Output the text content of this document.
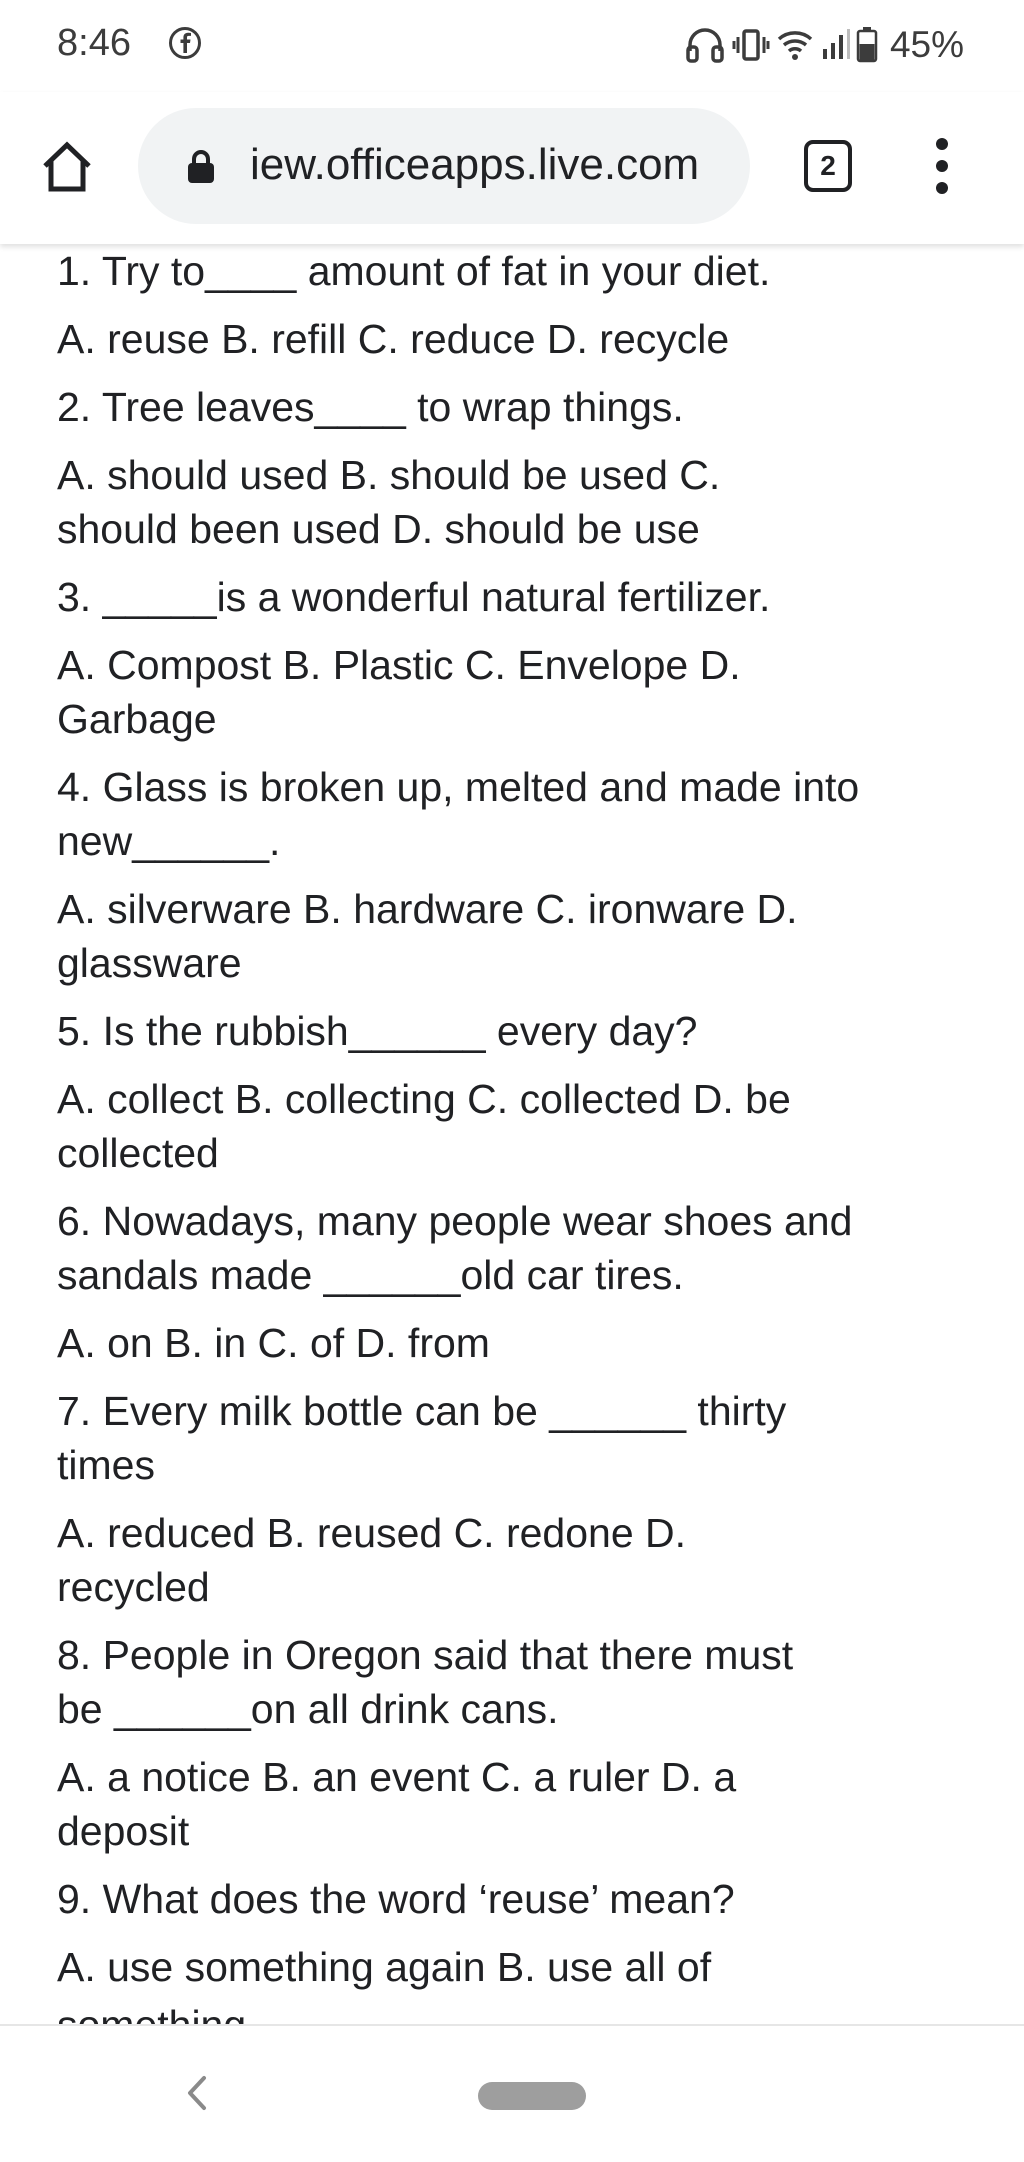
8:46	45%
iew.officeapps.live.com	2
1. Try to____ amount of fat in your diet.
A. reuse B. refill C. reduce D. recycle
2. Tree leaves____ to wrap things.
A. should used B. should be used C.
should been used D. should be use
3. _____is a wonderful natural fertilizer.
A. Compost B. Plastic C. Envelope D.
Garbage
4. Glass is broken up, melted and made into
new______.
A. silverware B. hardware C. ironware D.
glassware
5. Is the rubbish______ every day?
A. collect B. collecting C. collected D. be
collected
6. Nowadays, many people wear shoes and
sandals made ______old car tires.
A. on B. in C. of D. from
7. Every milk bottle can be ______ thirty
times
A. reduced B. reused C. redone D.
recycled
8. People in Oregon said that there must
be ______on all drink cans.
A. a notice B. an event C. a ruler D. a
deposit
9. What does the word ‘reuse’ mean?
A. use something again B. use all of
